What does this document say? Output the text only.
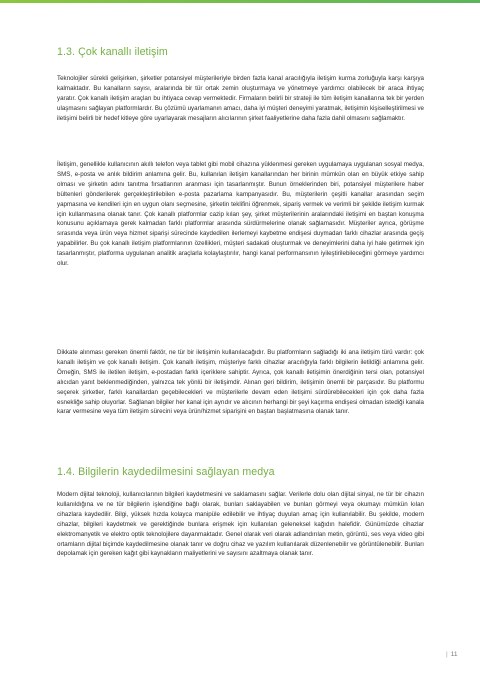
1.3. Çok kanallı iletişim

Teknolojiler sürekli gelişirken, şirketler potansiyel müşterileriyle birden fazla kanal aracılığıyla iletişim kurma zorluğuyla karşı karşıya kalmaktadır. Bu kanalların sayısı, aralarında bir tür ortak zemin oluşturmaya ve yönetmeye yardımcı olabilecek bir araca ihtiyaç yaratır. Çok kanallı iletişim araçları bu ihtiyaca cevap vermektedir. Firmaların belirli bir strateji ile tüm iletişim kanallarına tek bir yerden ulaşmasını sağlayan platformlardır. Bu çözümü uyarlamanın amacı, daha iyi müşteri deneyimi yaratmak, iletişimin kişiselleştirilmesi ve iletişimi belirli bir hedef kitleye göre uyarlayarak mesajların alıcılarının şirket faaliyetlerine daha fazla dahil olmasını sağlamaktır.

İletişim, genellikle kullanıcının akıllı telefon veya tablet gibi mobil cihazına yüklenmesi gereken uygulamaya uygulanan sosyal medya, SMS, e-posta ve anlık bildirim anlamına gelir. Bu, kullanılan iletişim kanallarından her birinin mümkün olan en büyük etkiye sahip olması ve şirketin adını tanıtma fırsatlarının aranması için tasarlanmıştır. Bunun örneklerinden biri, potansiyel müşterilere haber bültenleri gönderilerek gerçekleştirilebilen e-posta pazarlama kampanyasıdır. Bu, müşterilerin çeşitli kanallar arasından seçim yapmasına ve kendileri için en uygun olanı seçmesine, şirketin teklifini öğrenmek, sipariş vermek ve verimli bir şekilde iletişim kurmak için kullanmasına olanak tanır. Çok kanallı platformlar cazip kılan şey, şirket müşterilerinin aralarındaki iletişimi en baştan konuşma konusunu açıklamaya gerek kalmadan farklı platformlar arasında sürdürmelerine olanak sağlamasıdır. Müşteriler ayrıca, görüşme sırasında veya ürün veya hizmet siparişi sürecinde kaydedilen ilerlemeyi kaybetme endişesi duymadan farklı cihazlar arasında geçiş yapabilirler. Bu çok kanallı iletişim platformlarının özellikleri, müşteri sadakati oluşturmak ve deneyimlerini daha iyi hale getirmek için tasarlanmıştır, platforma uygulanan analitik araçlarla kolaylaştırılır, hangi kanal performansının iyileştirilebileceğini görmeye yardımcı olur.

Dikkate alınması gereken önemli faktör, ne tür bir iletişimin kullanılacağıdır. Bu platformların sağladığı iki ana iletişim türü vardır: çok kanallı iletişim ve çok kanallı iletişim. Çok kanallı iletişim, müşteriye farklı cihazlar aracılığıyla farklı bilgilerin iletildiği anlamına gelir. Örneğin, SMS ile iletilen iletişim, e-postadan farklı içeriklere sahiptir. Ayrıca, çok kanallı iletişimin önerdiğinin tersi olan, potansiyel alıcıdan yanıt beklenmediğinden, yalnızca tek yönlü bir iletişimdir. Alınan geri bildirim, iletişimin önemli bir parçasıdır. Bu platformu seçerek şirketler, farklı kanallardan geçebilecekleri ve müşterilerle devam eden iletişimi sürdürebilecekleri için çok daha fazla esnekliğe sahip oluyorlar. Sağlanan bilgiler her kanal için ayrıdır ve alıcının herhangi bir şeyi kaçırma endişesi olmadan istediği kanala karar vermesine veya tüm iletişim sürecini veya ürün/hizmet siparişini en baştan başlatmasına olanak tanır.

1.4. Bilgilerin kaydedilmesini sağlayan medya

Modern dijital teknoloji, kullanıcılarının bilgileri kaydetmesini ve saklamasını sağlar. Verilerle dolu olan dijital sinyal, ne tür bir cihazın kullanıldığına ve ne tür bilgilerin işlendiğine bağlı olarak, bunları saklayabilen ve bunları görmeyi veya okumayı mümkün kılan cihazlara kaydedilir. Bilgi, yüksek hızda kolayca manipüle edilebilir ve ihtiyaç duyulan amaç için kullanılabilir. Bu şekilde, modern cihazlar, bilgileri kaydetmek ve gerektiğinde bunlara erişmek için kullanılan geleneksel kağıdın halefidir. Günümüzde cihazlar elektromanyetik ve elektro optik teknolojilere dayanmaktadır. Genel olarak veri olarak adlandırılan metin, görüntü, ses veya video gibi ortamların dijital biçimde kaydedilmesine olanak tanır ve doğru cihaz ve yazılım kullanılarak düzenlenebilir ve görüntülenebilir. Bunları depolamak için gereken kağıt gibi kaynakların maliyetlerini ve sayısını azaltmaya olanak tanır.

| 11
